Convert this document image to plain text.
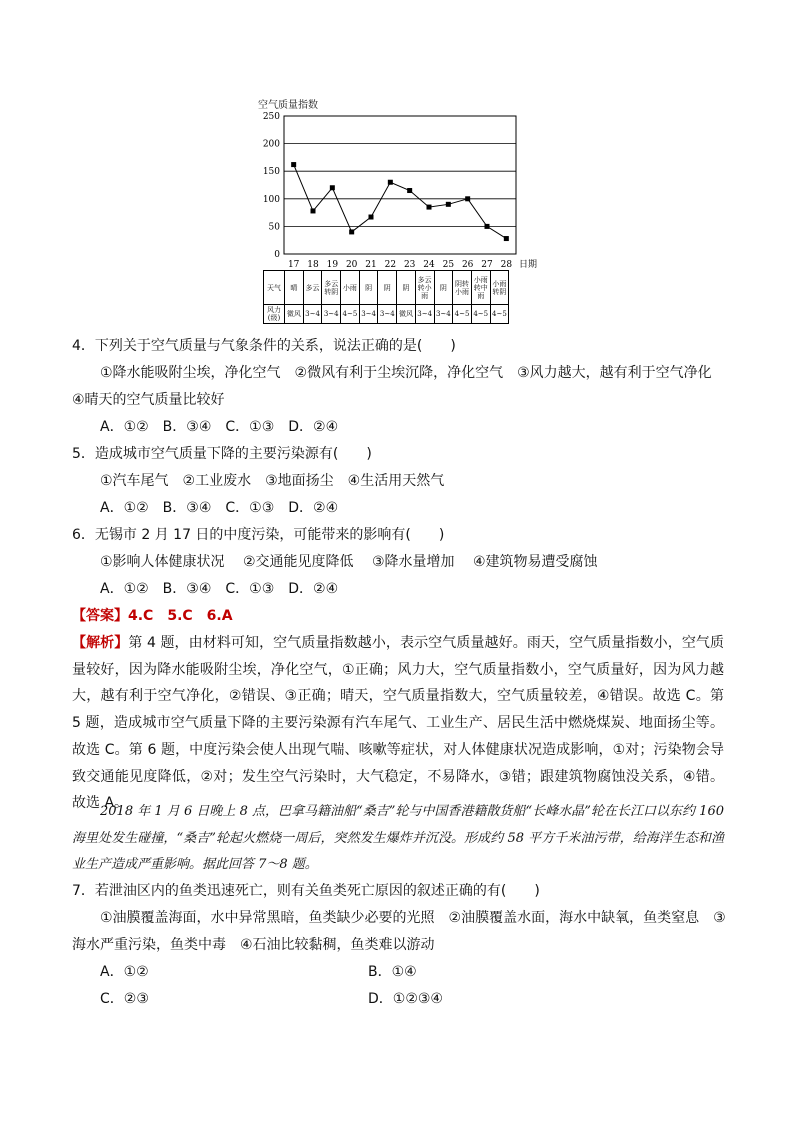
空气质量指数
0
50
100
150
200
250
17 18 19 20 21 22 23 24 25 26 27 28 日期
天气	晴	多云	多云转阴	小雨	阴	阴	阴	多云转小雨	阴	阴转小雨	小雨转中雨	小雨转阴
风力(级)	微风	3~4	3~4	4~5	3~4	3~4	微风	3~4	3~4	4~5	4~5	4~5
4．下列关于空气质量与气象条件的关系，说法正确的是(　　)
①降水能吸附尘埃，净化空气　②微风有利于尘埃沉降，净化空气　③风力越大，越有利于空气净化
④晴天的空气质量比较好
A．①②　B．③④　C．①③　D．②④
5．造成城市空气质量下降的主要污染源有(　　)
①汽车尾气　②工业废水　③地面扬尘　④生活用天然气
A．①②　B．③④　C．①③　D．②④
6．无锡市 2 月 17 日的中度污染，可能带来的影响有(　　)
①影响人体健康状况　 ②交通能见度降低　 ③降水量增加　 ④建筑物易遭受腐蚀
A．①②　B．③④　C．①③　D．②④
【答案】4.C　5.C　6.A
【解析】第 4 题，由材料可知，空气质量指数越小，表示空气质量越好。雨天，空气质量指数小，空气质量较好，因为降水能吸附尘埃，净化空气，①正确；风力大，空气质量指数小，空气质量好，因为风力越大，越有利于空气净化，②错误、③正确；晴天，空气质量指数大，空气质量较差，④错误。故选 C。第 5 题，造成城市空气质量下降的主要污染源有汽车尾气、工业生产、居民生活中燃烧煤炭、地面扬尘等。故选 C。第 6 题，中度污染会使人出现气喘、咳嗽等症状，对人体健康状况造成影响，①对；污染物会导致交通能见度降低，②对；发生空气污染时，大气稳定，不易降水，③错；跟建筑物腐蚀没关系，④错。故选 A。
2018 年 1 月 6 日晚上 8 点，巴拿马籍油船“桑吉”轮与中国香港籍散货船“长峰水晶”轮在长江口以东约 160 海里处发生碰撞，“桑吉”轮起火燃烧一周后，突然发生爆炸并沉没。形成约 58 平方千米油污带，给海洋生态和渔业生产造成严重影响。据此回答 7～8 题。
7．若泄油区内的鱼类迅速死亡，则有关鱼类死亡原因的叙述正确的有(　　)
①油膜覆盖海面，水中异常黑暗，鱼类缺少必要的光照　②油膜覆盖水面，海水中缺氧，鱼类窒息　③
海水严重污染，鱼类中毒　④石油比较黏稠，鱼类难以游动
A．①②	B．①④
C．②③	D．①②③④
